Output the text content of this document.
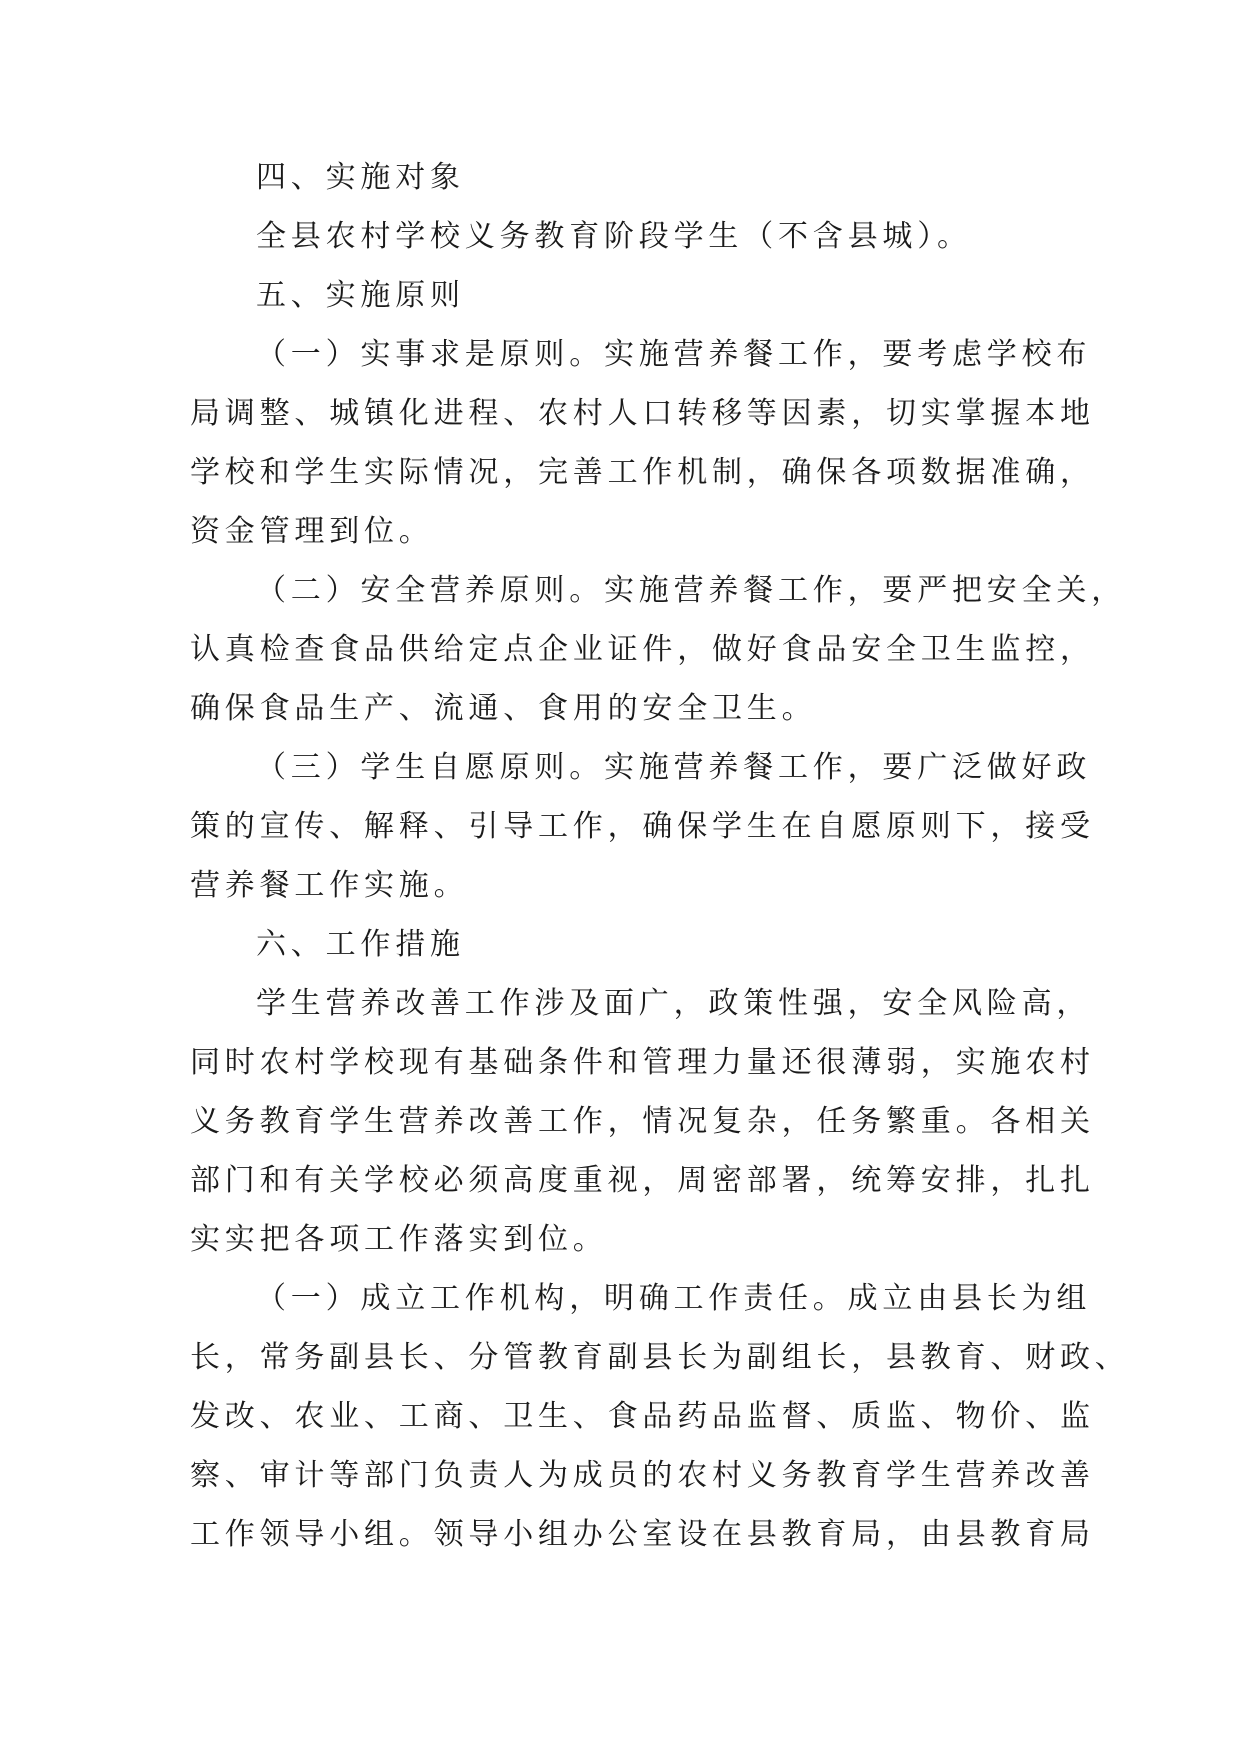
四、实施对象
全县农村学校义务教育阶段学生（不含县城）。
五、实施原则
（一）实事求是原则。实施营养餐工作，要考虑学校布
局调整、城镇化进程、农村人口转移等因素，切实掌握本地
学校和学生实际情况，完善工作机制，确保各项数据准确，
资金管理到位。
（二）安全营养原则。实施营养餐工作，要严把安全关，
认真检查食品供给定点企业证件，做好食品安全卫生监控，
确保食品生产、流通、食用的安全卫生。
（三）学生自愿原则。实施营养餐工作，要广泛做好政
策的宣传、解释、引导工作，确保学生在自愿原则下，接受
营养餐工作实施。
六、工作措施
学生营养改善工作涉及面广，政策性强，安全风险高，
同时农村学校现有基础条件和管理力量还很薄弱，实施农村
义务教育学生营养改善工作，情况复杂，任务繁重。各相关
部门和有关学校必须高度重视，周密部署，统筹安排，扎扎
实实把各项工作落实到位。
（一）成立工作机构，明确工作责任。成立由县长为组
长，常务副县长、分管教育副县长为副组长，县教育、财政、
发改、农业、工商、卫生、食品药品监督、质监、物价、监
察、审计等部门负责人为成员的农村义务教育学生营养改善
工作领导小组。领导小组办公室设在县教育局，由县教育局
